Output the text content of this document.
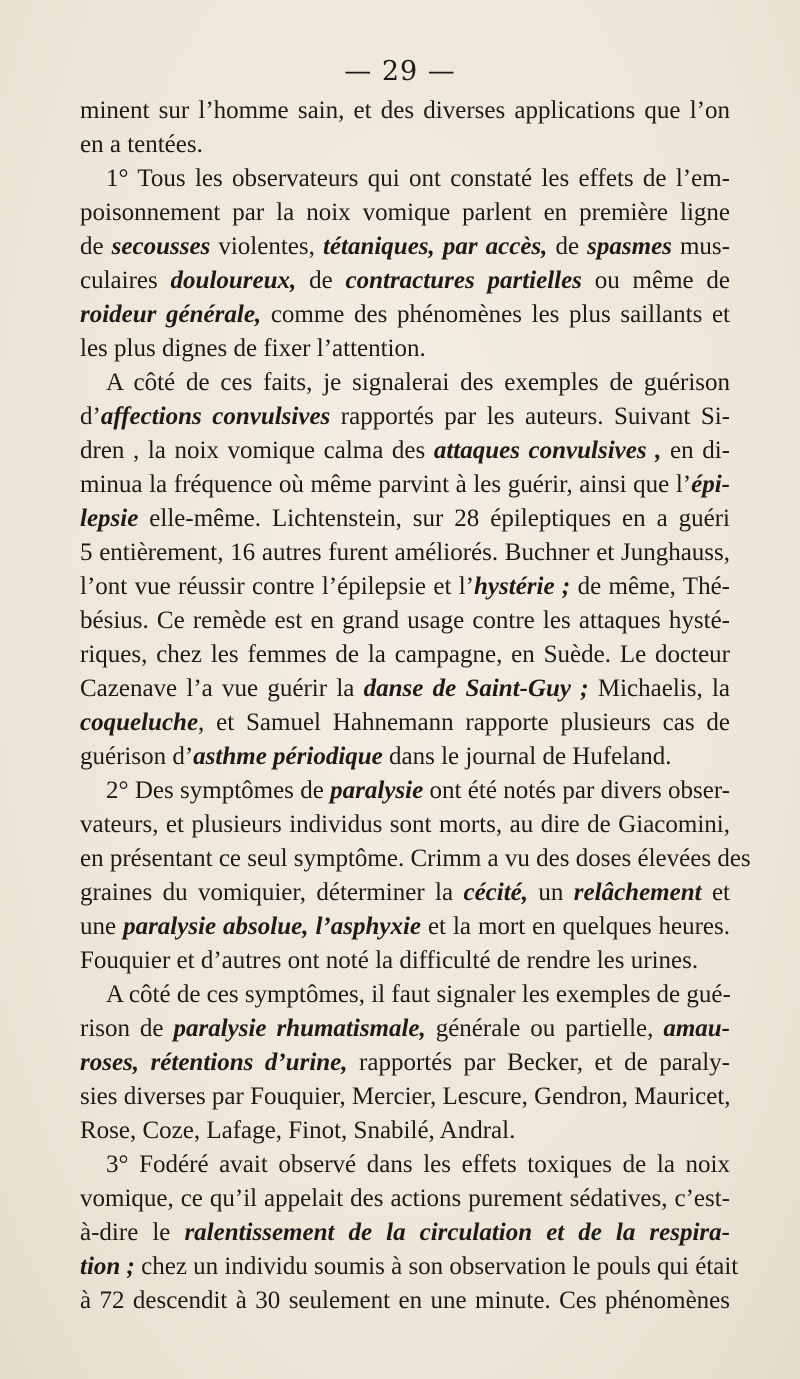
— 29 —
minent sur l’homme sain, et des diverses applications que l’on
en a tentées.
1° Tous les observateurs qui ont constaté les effets de l’em-
poisonnement par la noix vomique parlent en première ligne
de secousses violentes, tétaniques, par accès, de spasmes mus-
culaires douloureux, de contractures partielles ou même de
roideur générale, comme des phénomènes les plus saillants et
les plus dignes de fixer l’attention.
A côté de ces faits, je signalerai des exemples de guérison
d’affections convulsives rapportés par les auteurs. Suivant Si-
dren , la noix vomique calma des attaques convulsives , en di-
minua la fréquence où même parvint à les guérir, ainsi que l’épi-
lepsie elle-même. Lichtenstein, sur 28 épileptiques en a guéri
5 entièrement, 16 autres furent améliorés. Buchner et Junghauss,
l’ont vue réussir contre l’épilepsie et l’hystérie ; de même, Thé-
bésius. Ce remède est en grand usage contre les attaques hysté-
riques, chez les femmes de la campagne, en Suède. Le docteur
Cazenave l’a vue guérir la danse de Saint-Guy ; Michaelis, la
coqueluche, et Samuel Hahnemann rapporte plusieurs cas de
guérison d’asthme périodique dans le journal de Hufeland.
2° Des symptômes de paralysie ont été notés par divers obser-
vateurs, et plusieurs individus sont morts, au dire de Giacomini,
en présentant ce seul symptôme. Crimm a vu des doses élevées des
graines du vomiquier, déterminer la cécité, un relâchement et
une paralysie absolue, l’asphyxie et la mort en quelques heures.
Fouquier et d’autres ont noté la difficulté de rendre les urines.
A côté de ces symptômes, il faut signaler les exemples de gué-
rison de paralysie rhumatismale, générale ou partielle, amau-
roses, rétentions d’urine, rapportés par Becker, et de paraly-
sies diverses par Fouquier, Mercier, Lescure, Gendron, Mauricet,
Rose, Coze, Lafage, Finot, Snabilé, Andral.
3° Fodéré avait observé dans les effets toxiques de la noix
vomique, ce qu’il appelait des actions purement sédatives, c’est-
à-dire le ralentissement de la circulation et de la respira-
tion ; chez un individu soumis à son observation le pouls qui était
à 72 descendit à 30 seulement en une minute. Ces phénomènes
